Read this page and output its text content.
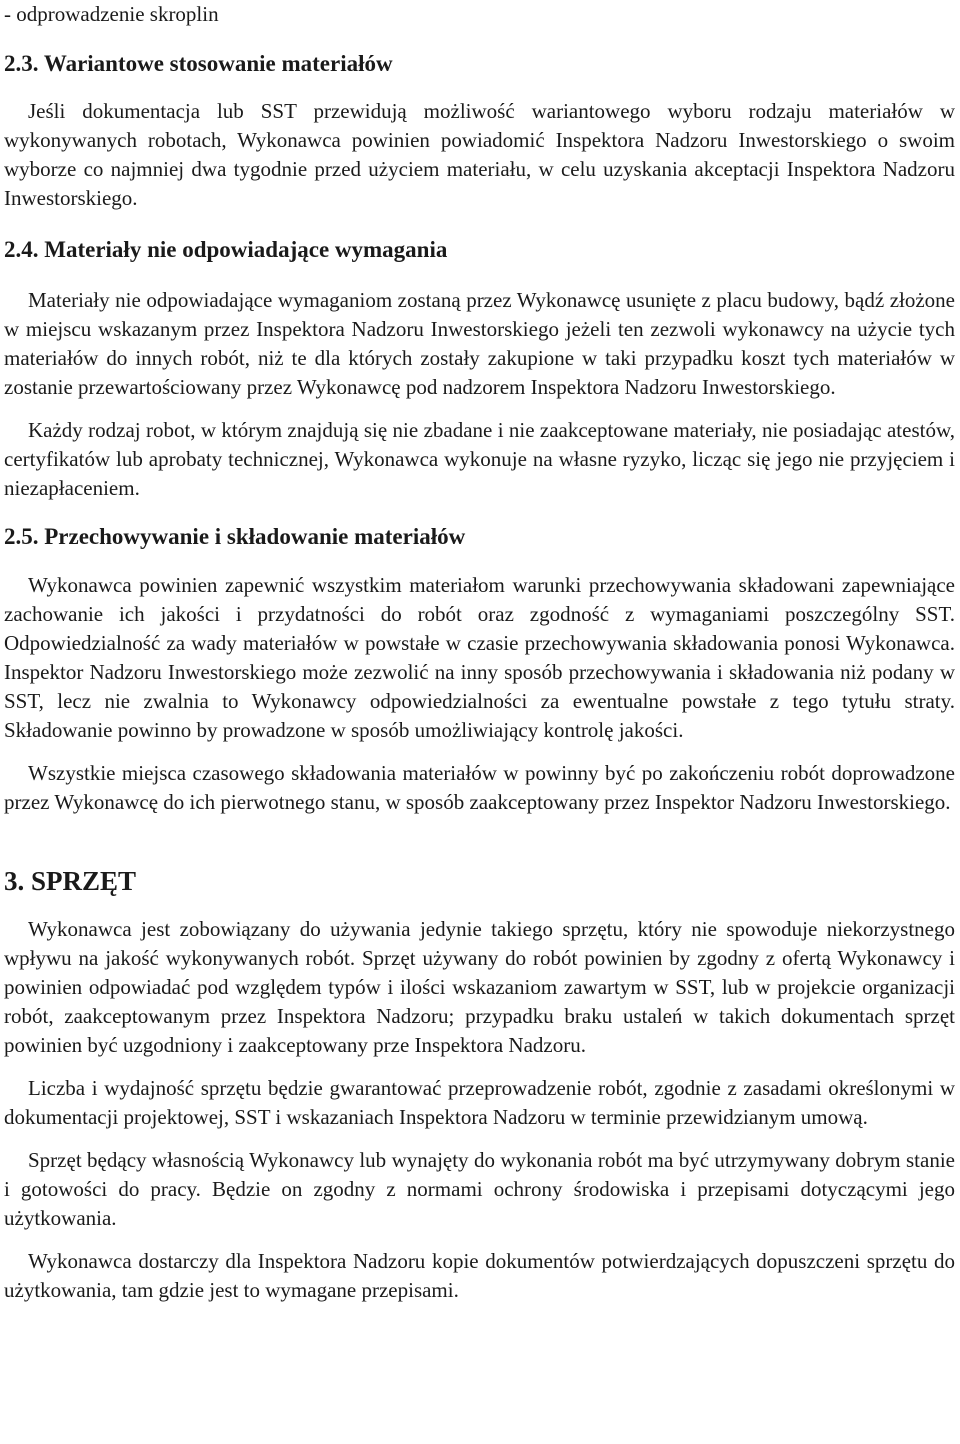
- odprowadzenie skroplin

2.3. Wariantowe stosowanie materiałów

Jeśli dokumentacja lub SST przewidują możliwość wariantowego wyboru rodzaju materiałów w wykonywanych robotach, Wykonawca powinien powiadomić Inspektora Nadzoru Inwestorskiego o swoim wyborze co najmniej dwa tygodnie przed użyciem materiału, w celu uzyskania akceptacji Inspektora Nadzoru Inwestorskiego.

2.4. Materiały nie odpowiadające wymagania

Materiały nie odpowiadające wymaganiom zostaną przez Wykonawcę usunięte z placu budowy, bądź złożone w miejscu wskazanym przez Inspektora Nadzoru Inwestorskiego jeżeli ten zezwoli wykonawcy na użycie tych materiałów do innych robót, niż te dla których zostały zakupione w taki przypadku koszt tych materiałów w zostanie przewartościowany przez Wykonawcę pod nadzorem Inspektora Nadzoru Inwestorskiego.

Każdy rodzaj robot, w którym znajdują się nie zbadane i nie zaakceptowane materiały, nie posiadając atestów, certyfikatów lub aprobaty technicznej, Wykonawca wykonuje na własne ryzyko, licząc się jego nie przyjęciem i niezapłaceniem.

2.5. Przechowywanie i składowanie materiałów

Wykonawca powinien zapewnić wszystkim materiałom warunki przechowywania składowani zapewniające zachowanie ich jakości i przydatności do robót oraz zgodność z wymaganiami poszczególny SST. Odpowiedzialność za wady materiałów w powstałe w czasie przechowywania składowania ponosi Wykonawca. Inspektor Nadzoru Inwestorskiego może zezwolić na inny sposób przechowywania i składowania niż podany w SST, lecz nie zwalnia to Wykonawcy odpowiedzialności za ewentualne powstałe z tego tytułu straty. Składowanie powinno by prowadzone w sposób umożliwiający kontrolę jakości.

Wszystkie miejsca czasowego składowania materiałów w powinny być po zakończeniu robót doprowadzone przez Wykonawcę do ich pierwotnego stanu, w sposób zaakceptowany przez Inspektor Nadzoru Inwestorskiego.

3. SPRZĘT

Wykonawca jest zobowiązany do używania jedynie takiego sprzętu, który nie spowoduje niekorzystnego wpływu na jakość wykonywanych robót. Sprzęt używany do robót powinien by zgodny z ofertą Wykonawcy i powinien odpowiadać pod względem typów i ilości wskazaniom zawartym w SST, lub w projekcie organizacji robót, zaakceptowanym przez Inspektora Nadzoru; przypadku braku ustaleń w takich dokumentach sprzęt powinien być uzgodniony i zaakceptowany prze Inspektora Nadzoru.

Liczba i wydajność sprzętu będzie gwarantować przeprowadzenie robót, zgodnie z zasadami określonymi w dokumentacji projektowej, SST i wskazaniach Inspektora Nadzoru w terminie przewidzianym umową.

Sprzęt będący własnością Wykonawcy lub wynajęty do wykonania robót ma być utrzymywany dobrym stanie i gotowości do pracy. Będzie on zgodny z normami ochrony środowiska i przepisami dotyczącymi jego użytkowania.

Wykonawca dostarczy dla Inspektora Nadzoru kopie dokumentów potwierdzających dopuszczeni sprzętu do użytkowania, tam gdzie jest to wymagane przepisami.
